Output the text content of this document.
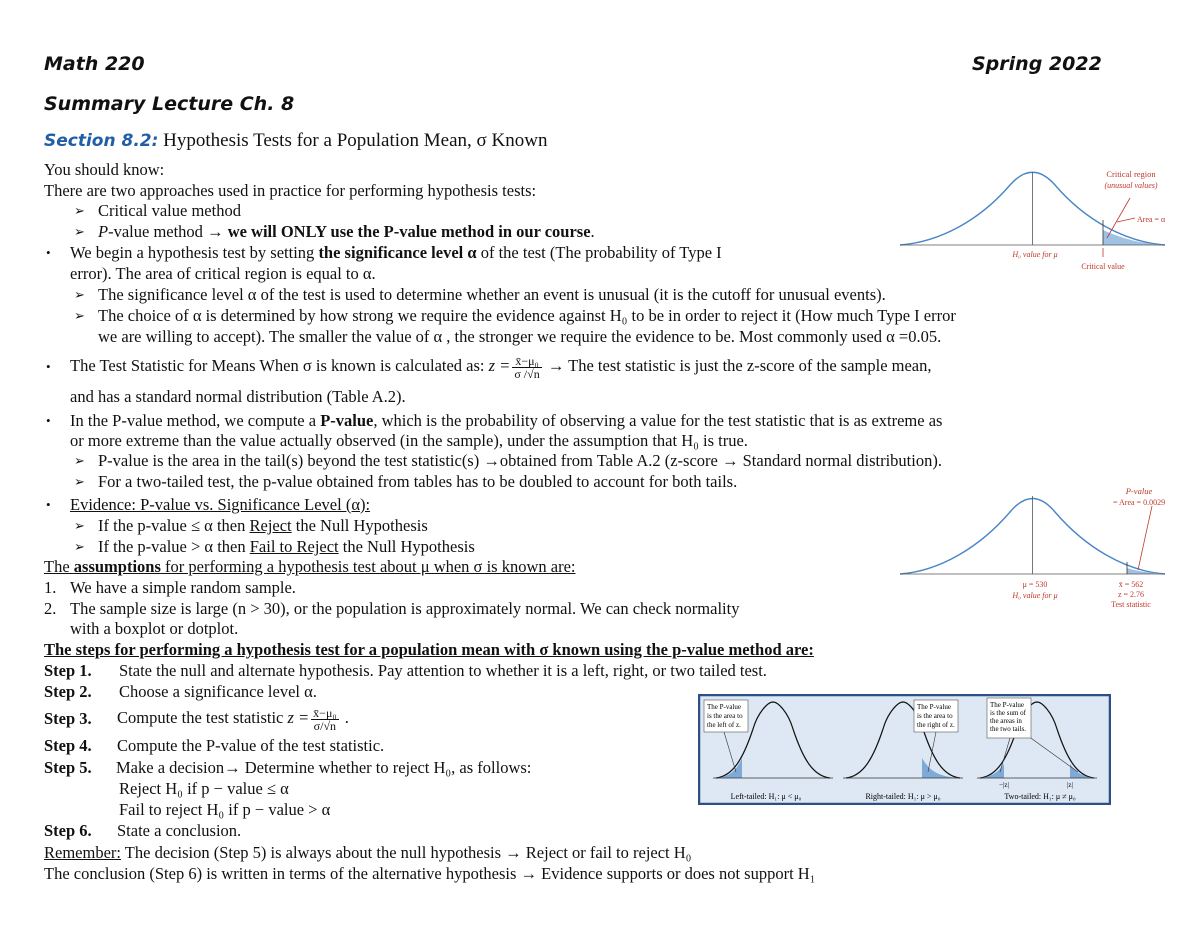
Math 220	Spring 2022
Summary Lecture Ch. 8
Section 8.2: Hypothesis Tests for a Population Mean, σ Known
You should know:
There are two approaches used in practice for performing hypothesis tests:
➢ Critical value method
➢ P-value method → we will ONLY use the P-value method in our course.
• We begin a hypothesis test by setting the significance level α of the test (The probability of Type I
error). The area of critical region is equal to α.
➢ The significance level α of the test is used to determine whether an event is unusual (it is the cutoff for unusual events).
➢ The choice of α is determined by how strong we require the evidence against H₀ to be in order to reject it (How much Type I error
we are willing to accept). The smaller the value of α , the stronger we require the evidence to be. Most commonly used α =0.05.
• The Test Statistic for Means When σ is known is calculated as: $z = \frac{\text{x̄−μ₀}}{\sigma /√n}$ → The test statistic is just the z-score of the sample mean,
and has a standard normal distribution (Table A.2).
• In the P-value method, we compute a P-value, which is the probability of observing a value for the test statistic that is as extreme as
or more extreme than the value actually observed (in the sample), under the assumption that H₀ is true.
➢ P-value is the area in the tail(s) beyond the test statistic(s) →obtained from Table A.2 (z-score → Standard normal distribution).
➢ For a two-tailed test, the p-value obtained from tables has to be doubled to account for both tails.
• Evidence: P-value vs. Significance Level (α):
➢ If the p-value ≤ α then Reject the Null Hypothesis
➢ If the p-value > α then Fail to Reject the Null Hypothesis
The assumptions for performing a hypothesis test about μ when σ is known are:
1. We have a simple random sample.
2. The sample size is large (n > 30), or the population is approximately normal. We can check normality
with a boxplot or dotplot.
The steps for performing a hypothesis test for a population mean with σ known using the p-value method are:
Step 1. State the null and alternate hypothesis. Pay attention to whether it is a left, right, or two tailed test.
Step 2. Choose a significance level α.
Step 3. Compute the test statistic $z = \frac{\text{x̄−μ₀}}{\sigma/√n}$ .
Step 4. Compute the P-value of the test statistic.
Step 5. Make a decision→ Determine whether to reject H₀, as follows:
Reject H₀ if p − value ≤ α
Fail to reject H₀ if p − value > α
Step 6. State a conclusion.
Remember: The decision (Step 5) is always about the null hypothesis → Reject or fail to reject H₀
The conclusion (Step 6) is written in terms of the alternative hypothesis → Evidence supports or does not support H₁
Critical region
(unusual values)
Area = α
H₀ value for μ
Critical value
P-value
= Area = 0.0029
μ = 530
H₀ value for μ
x̄ = 562
z = 2.76
Test statistic
The P-value
is the area to
the left of z.
Left-tailed: H₁: μ < μ₀
The P-value
is the area to
the right of z.
Right-tailed: H₁: μ > μ₀
The P-value
is the sum of
the areas in
the two tails.
−|z|	|z|
Two-tailed: H₁: μ ≠ μ₀
